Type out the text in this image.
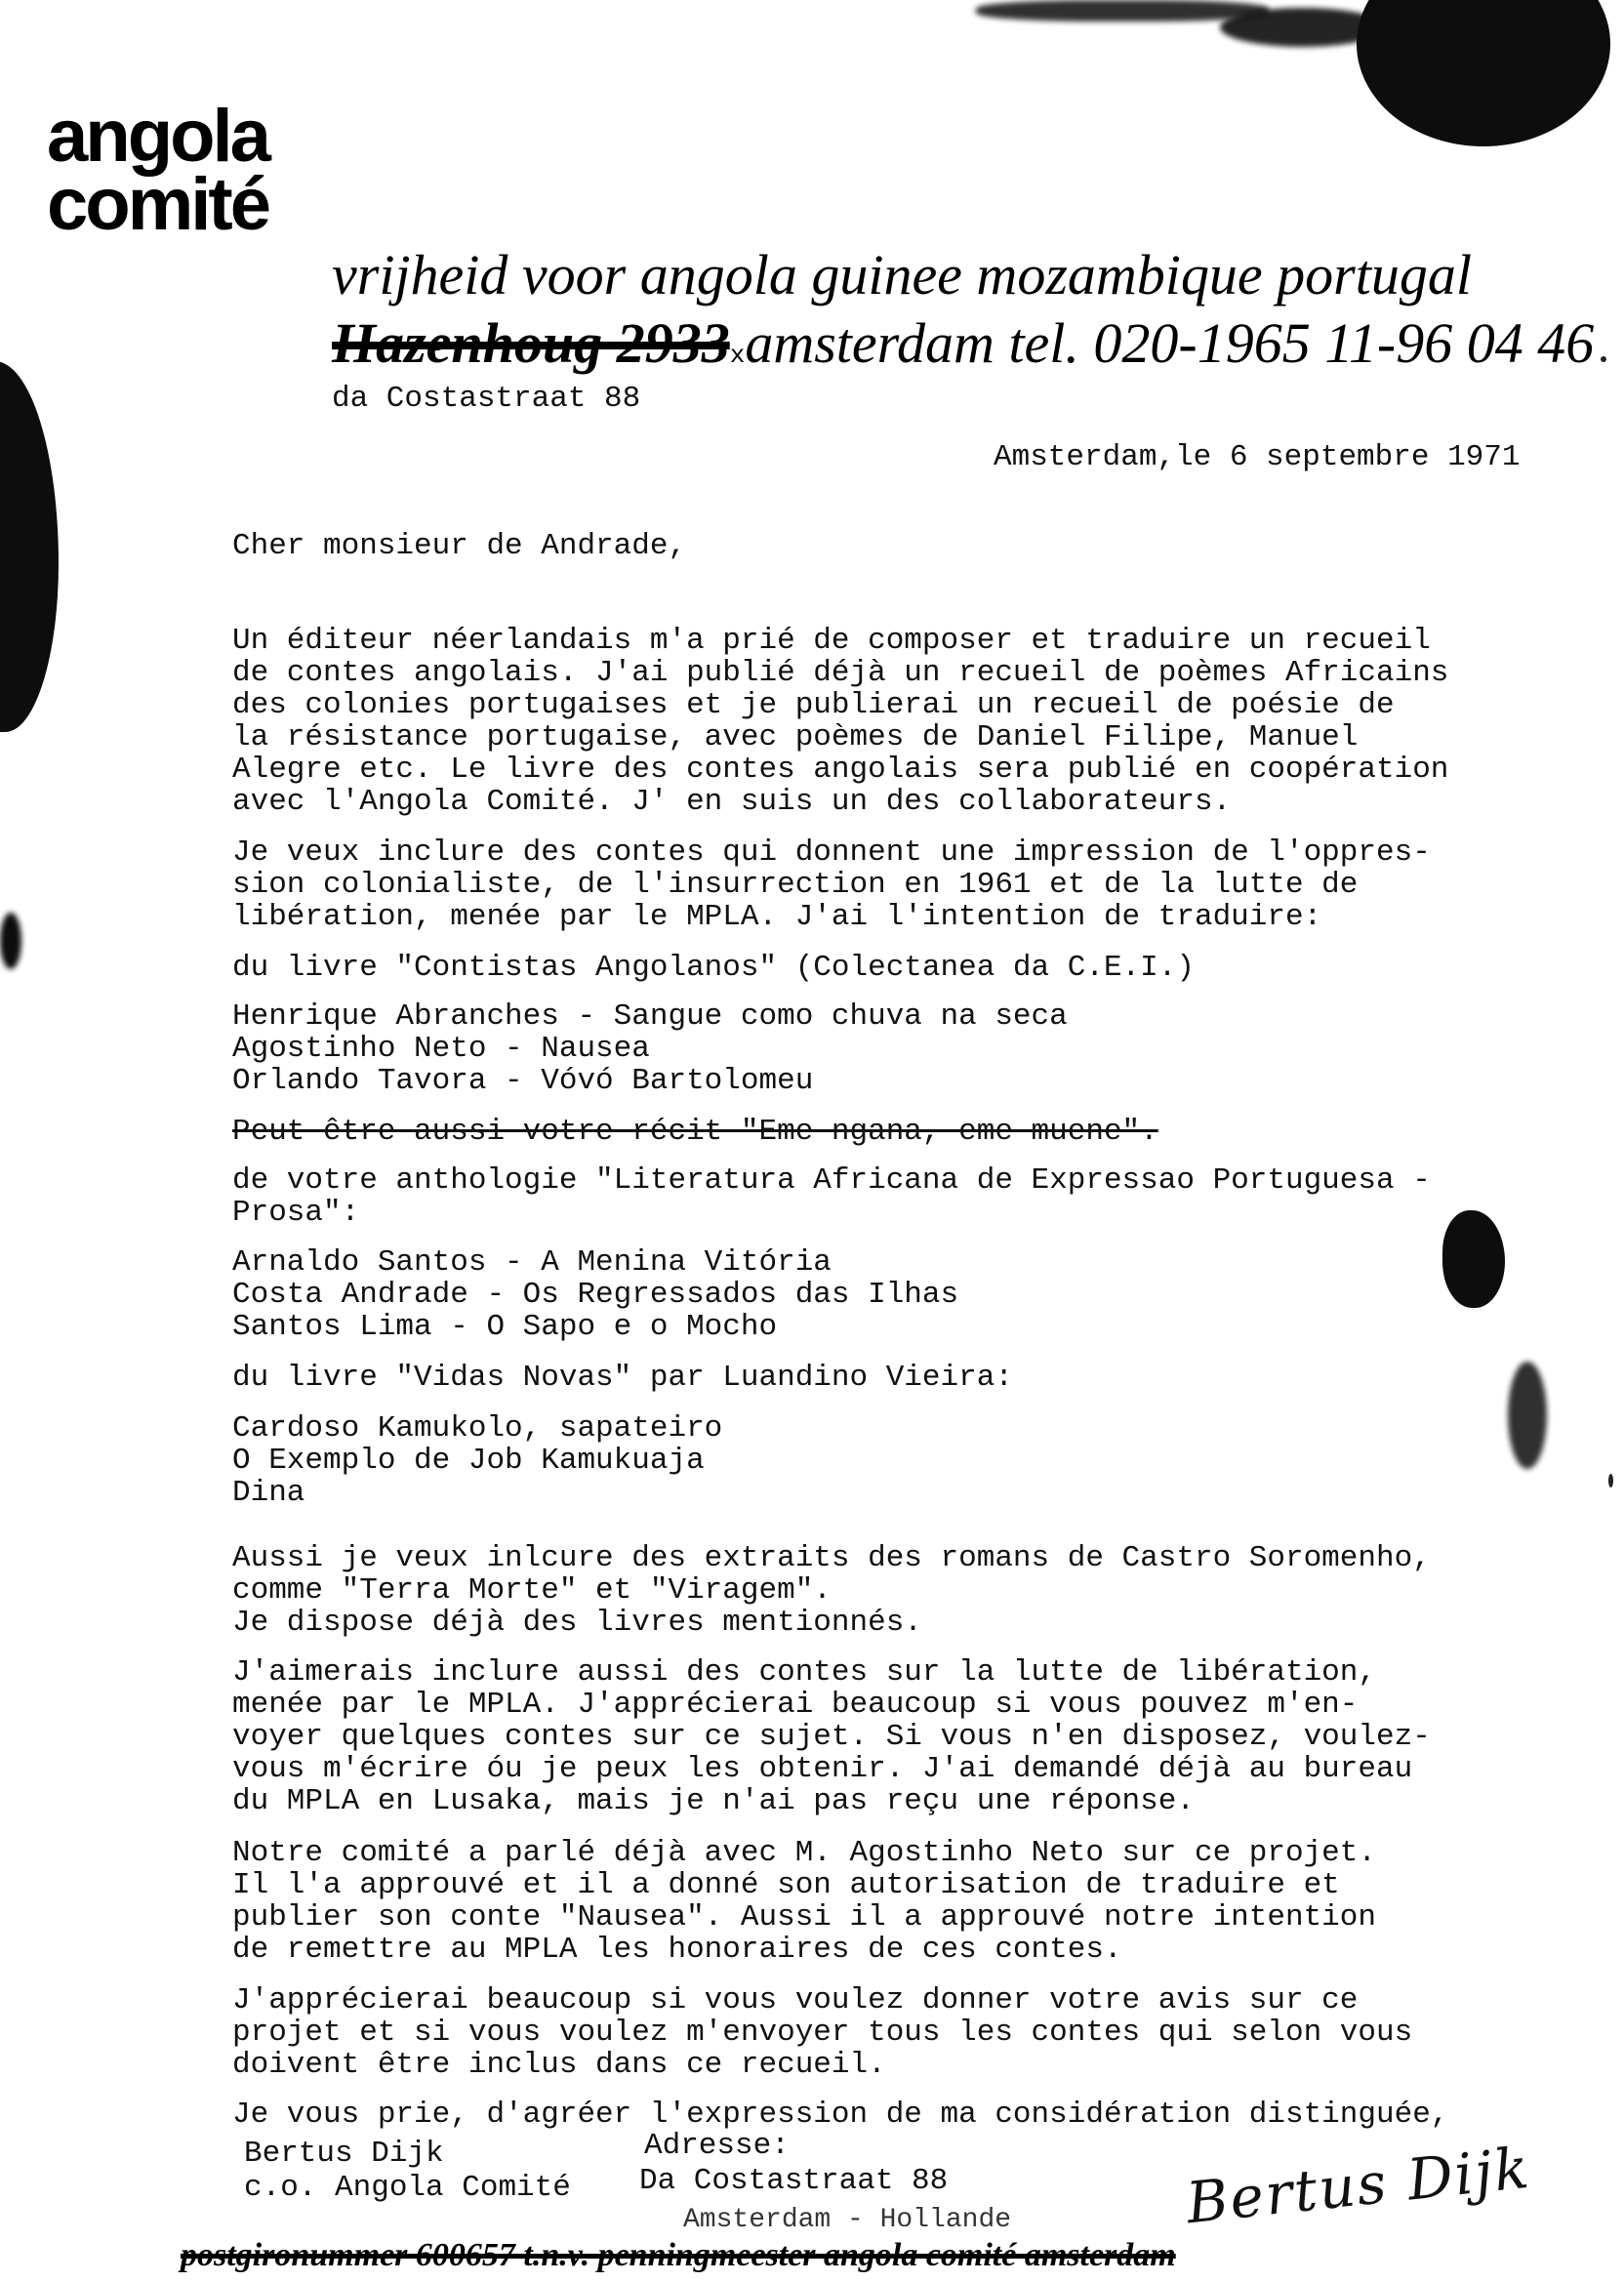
angola
comité
vrijheid voor angola guinee mozambique portugal
Hazenhoug 2933xamsterdam tel. 020-1965 11-96 04 46
da Costastraat 88
Amsterdam,le 6 septembre 1971
Cher monsieur de Andrade,
Un éditeur néerlandais m'a prié de composer et traduire un recueil
de contes angolais. J'ai publié déjà un recueil de poèmes Africains
des colonies portugaises et je publierai un recueil de poésie de
la résistance portugaise, avec poèmes de Daniel Filipe, Manuel
Alegre etc. Le livre des contes angolais sera publié en coopération
avec l'Angola Comité. J' en suis un des collaborateurs.
Je veux inclure des contes qui donnent une impression de l'oppres-
sion colonialiste, de l'insurrection en 1961 et de la lutte de
libération, menée par le MPLA. J'ai l'intention de traduire:
du livre "Contistas Angolanos" (Colectanea da C.E.I.)
Henrique Abranches - Sangue como chuva na seca
Agostinho Neto - Nausea
Orlando Tavora - Vóvó Bartolomeu
Peut-être aussi votre récit "Eme ngana, eme muene".
de votre anthologie "Literatura Africana de Expressao Portuguesa -
Prosa":
Arnaldo Santos - A Menina Vitória
Costa Andrade - Os Regressados das Ilhas
Santos Lima - O Sapo e o Mocho
du livre "Vidas Novas" par Luandino Vieira:
Cardoso Kamukolo, sapateiro
O Exemplo de Job Kamukuaja
Dina
Aussi je veux inlcure des extraits des romans de Castro Soromenho,
comme "Terra Morte" et "Viragem".
Je dispose déjà des livres mentionnés.
J'aimerais inclure aussi des contes sur la lutte de libération,
menée par le MPLA. J'apprécierai beaucoup si vous pouvez m'en-
voyer quelques contes sur ce sujet. Si vous n'en disposez, voulez-
vous m'écrire óu je peux les obtenir. J'ai demandé déjà au bureau
du MPLA en Lusaka, mais je n'ai pas reçu une réponse.
Notre comité a parlé déjà avec M. Agostinho Neto sur ce projet.
Il l'a approuvé et il a donné son autorisation de traduire et
publier son conte "Nausea". Aussi il a approuvé notre intention
de remettre au MPLA les honoraires de ces contes.
J'apprécierai beaucoup si vous voulez donner votre avis sur ce
projet et si vous voulez m'envoyer tous les contes qui selon vous
doivent être inclus dans ce recueil.
Je vous prie, d'agréer l'expression de ma considération distinguée,
Bertus Dijk
c.o. Angola Comité
Adresse:
Da Costastraat 88
Amsterdam - Hollande	Bertus Dijk
postgironummer 600657 t.n.v. penningmeester angola comité amsterdam
